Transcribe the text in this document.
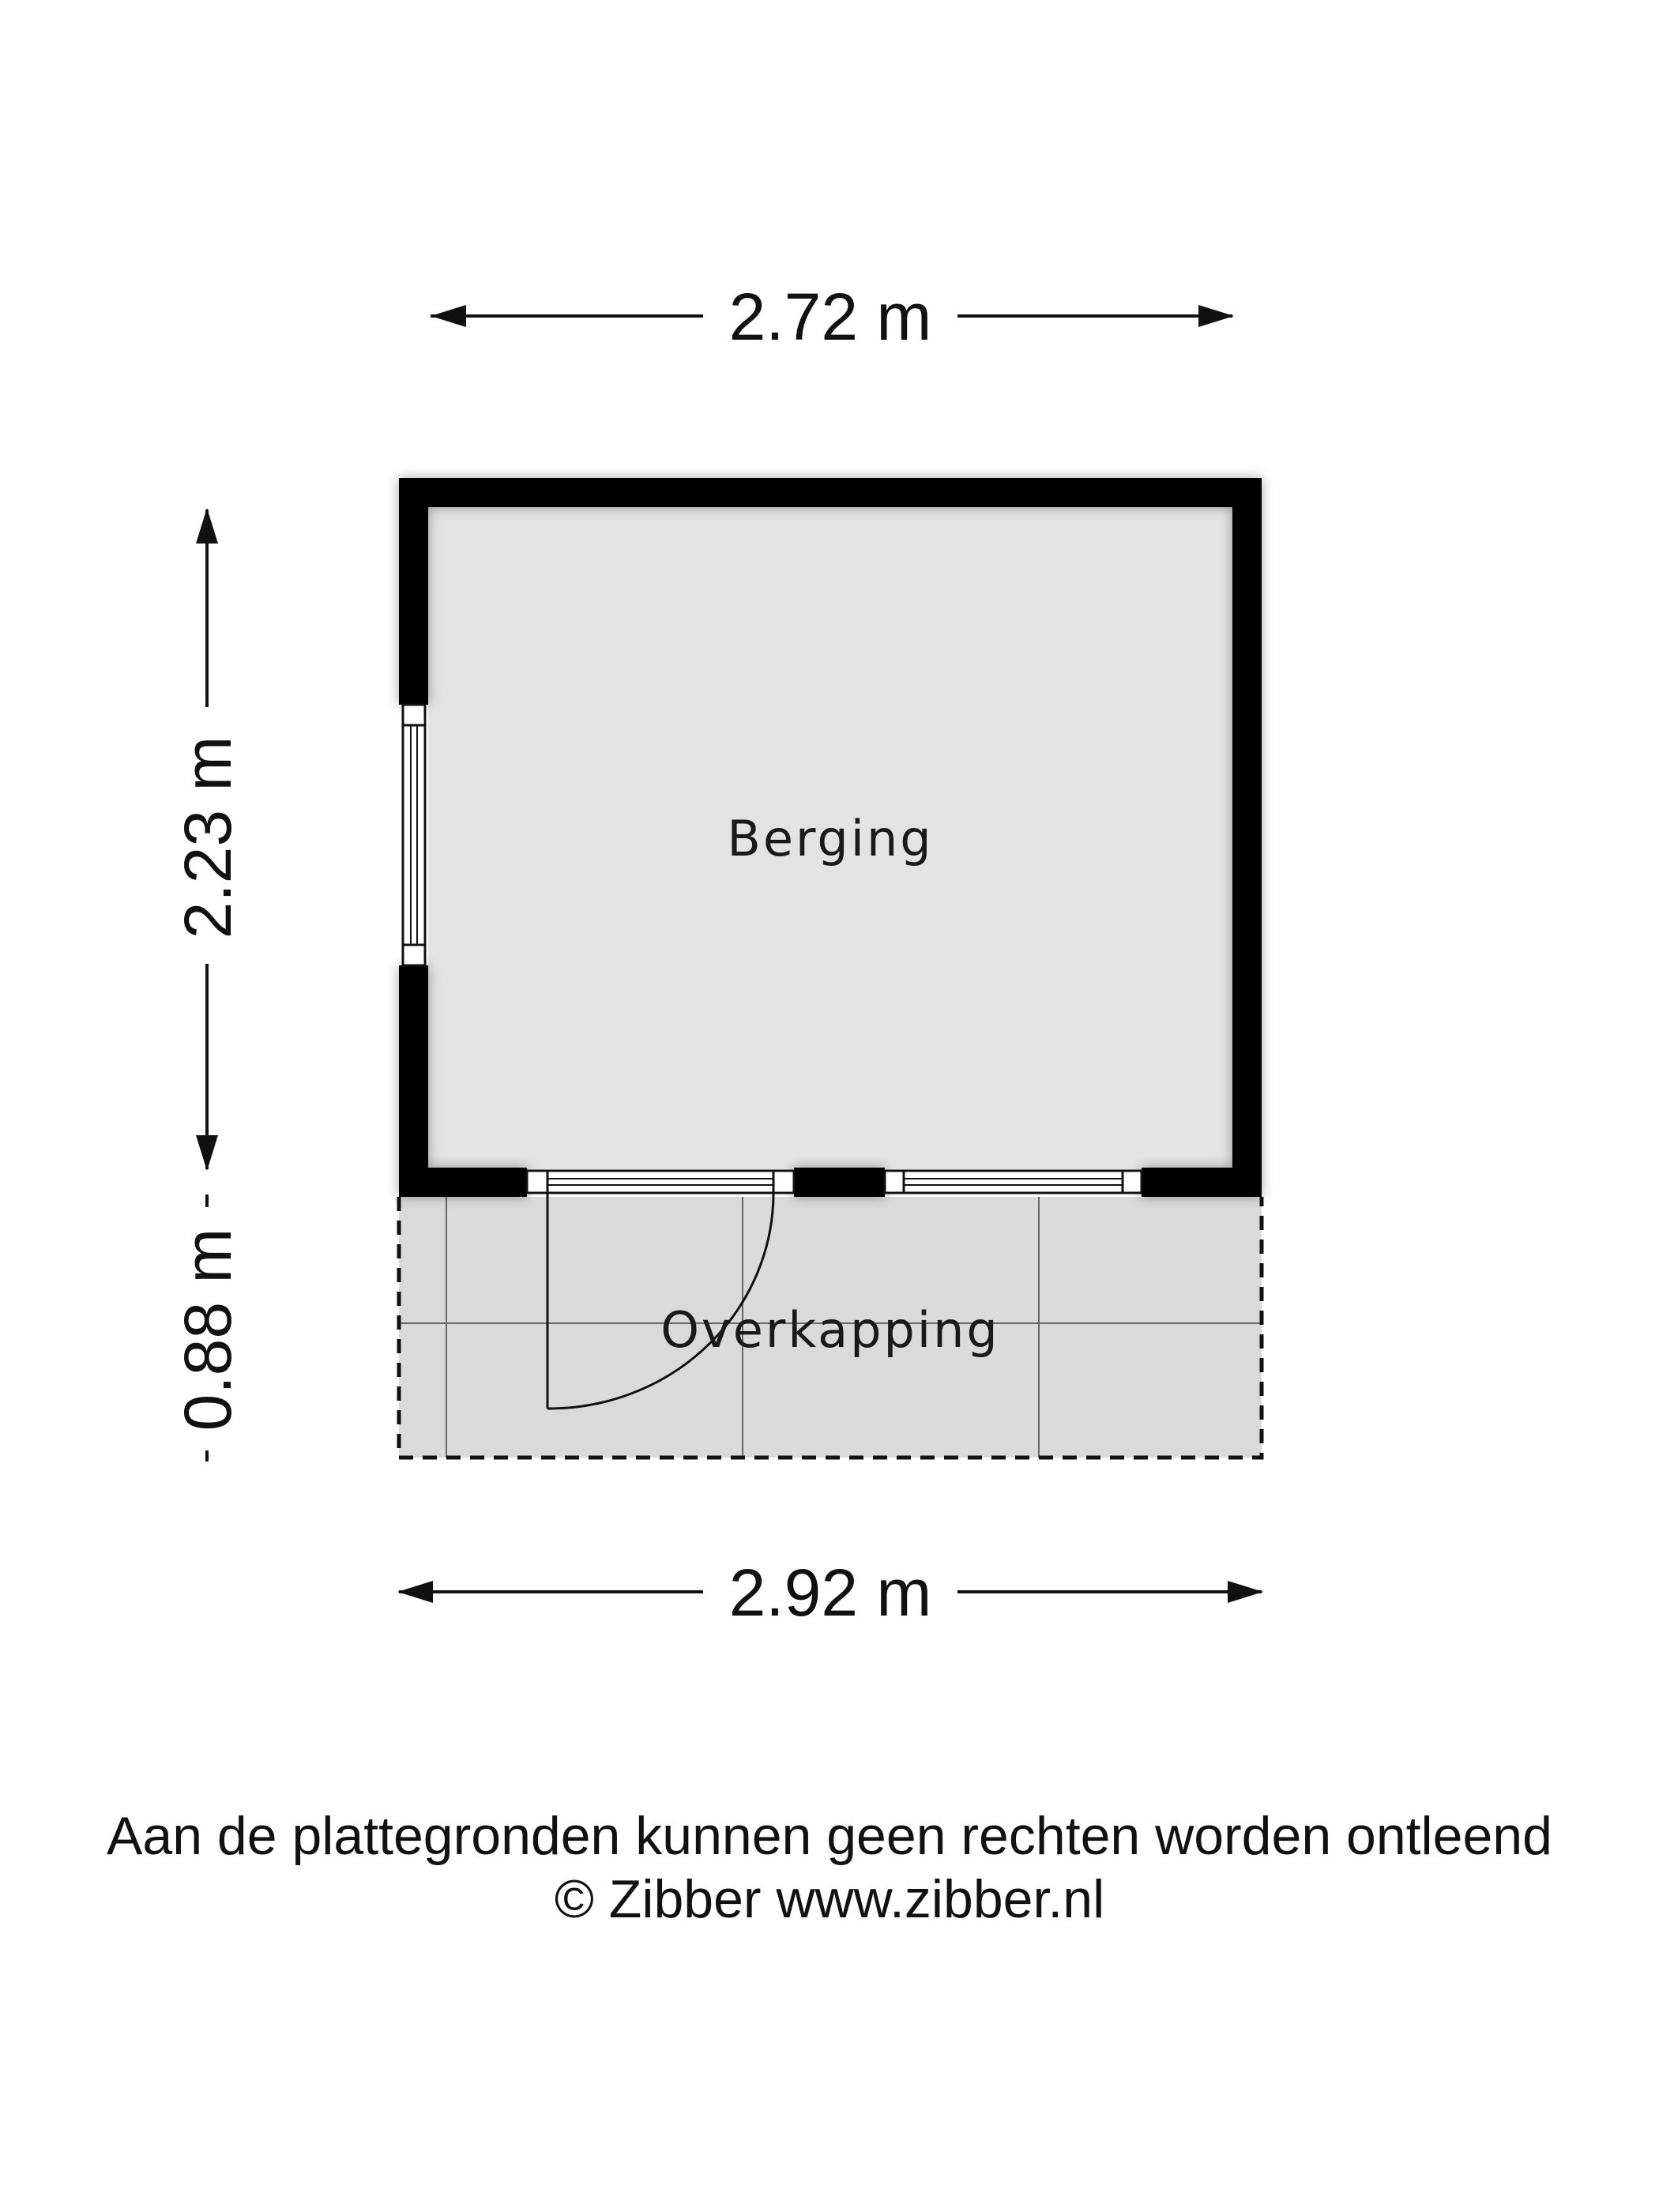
2.72 m
2.23 m
0.88 m
Berging
Overkapping
2.92 m
Aan de plattegronden kunnen geen rechten worden ontleend
© Zibber www.zibber.nl
